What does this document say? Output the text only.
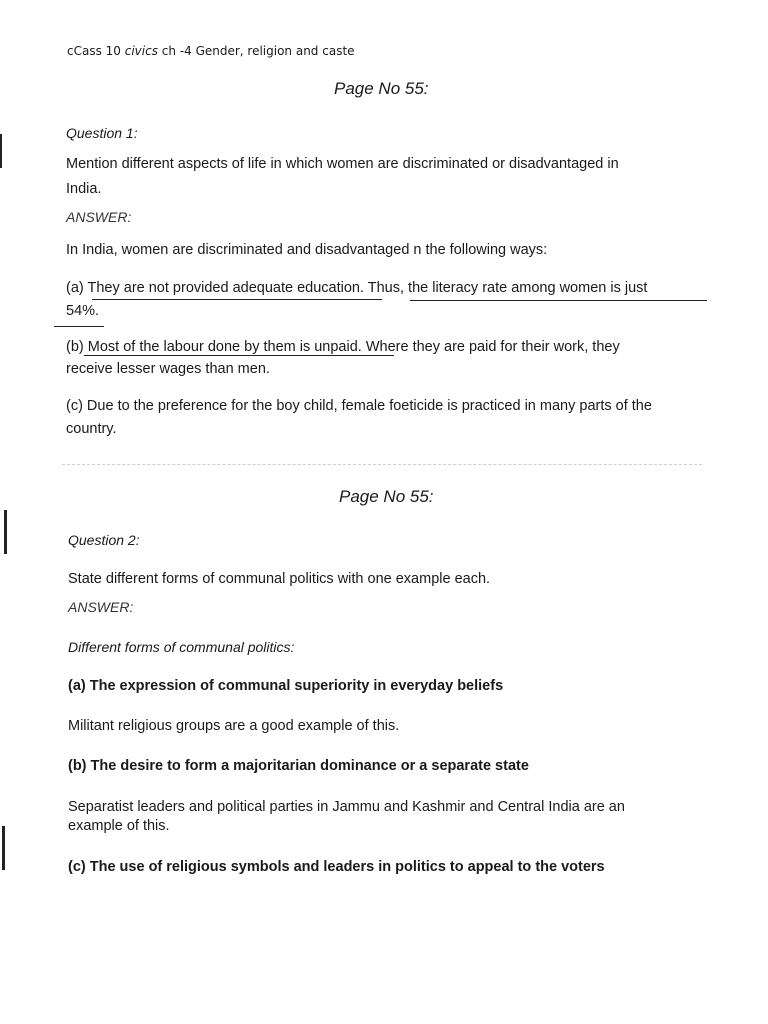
cCass 10 civics ch -4 Gender, religion and caste
Page No 55:
Question 1:
Mention different aspects of life in which women are discriminated or disadvantaged in
India.
ANSWER:
In India, women are discriminated and disadvantaged n the following ways:
(a) They are not provided adequate education. Thus, the literacy rate among women is just
54%.
(b) Most of the labour done by them is unpaid. Where they are paid for their work, they
receive lesser wages than men.
(c) Due to the preference for the boy child, female foeticide is practiced in many parts of the
country.
Page No 55:
Question 2:
State different forms of communal politics with one example each.
ANSWER:
Different forms of communal politics:
(a) The expression of communal superiority in everyday beliefs
Militant religious groups are a good example of this.
(b) The desire to form a majoritarian dominance or a separate state
Separatist leaders and political parties in Jammu and Kashmir and Central India are an
example of this.
(c) The use of religious symbols and leaders in politics to appeal to the voters
